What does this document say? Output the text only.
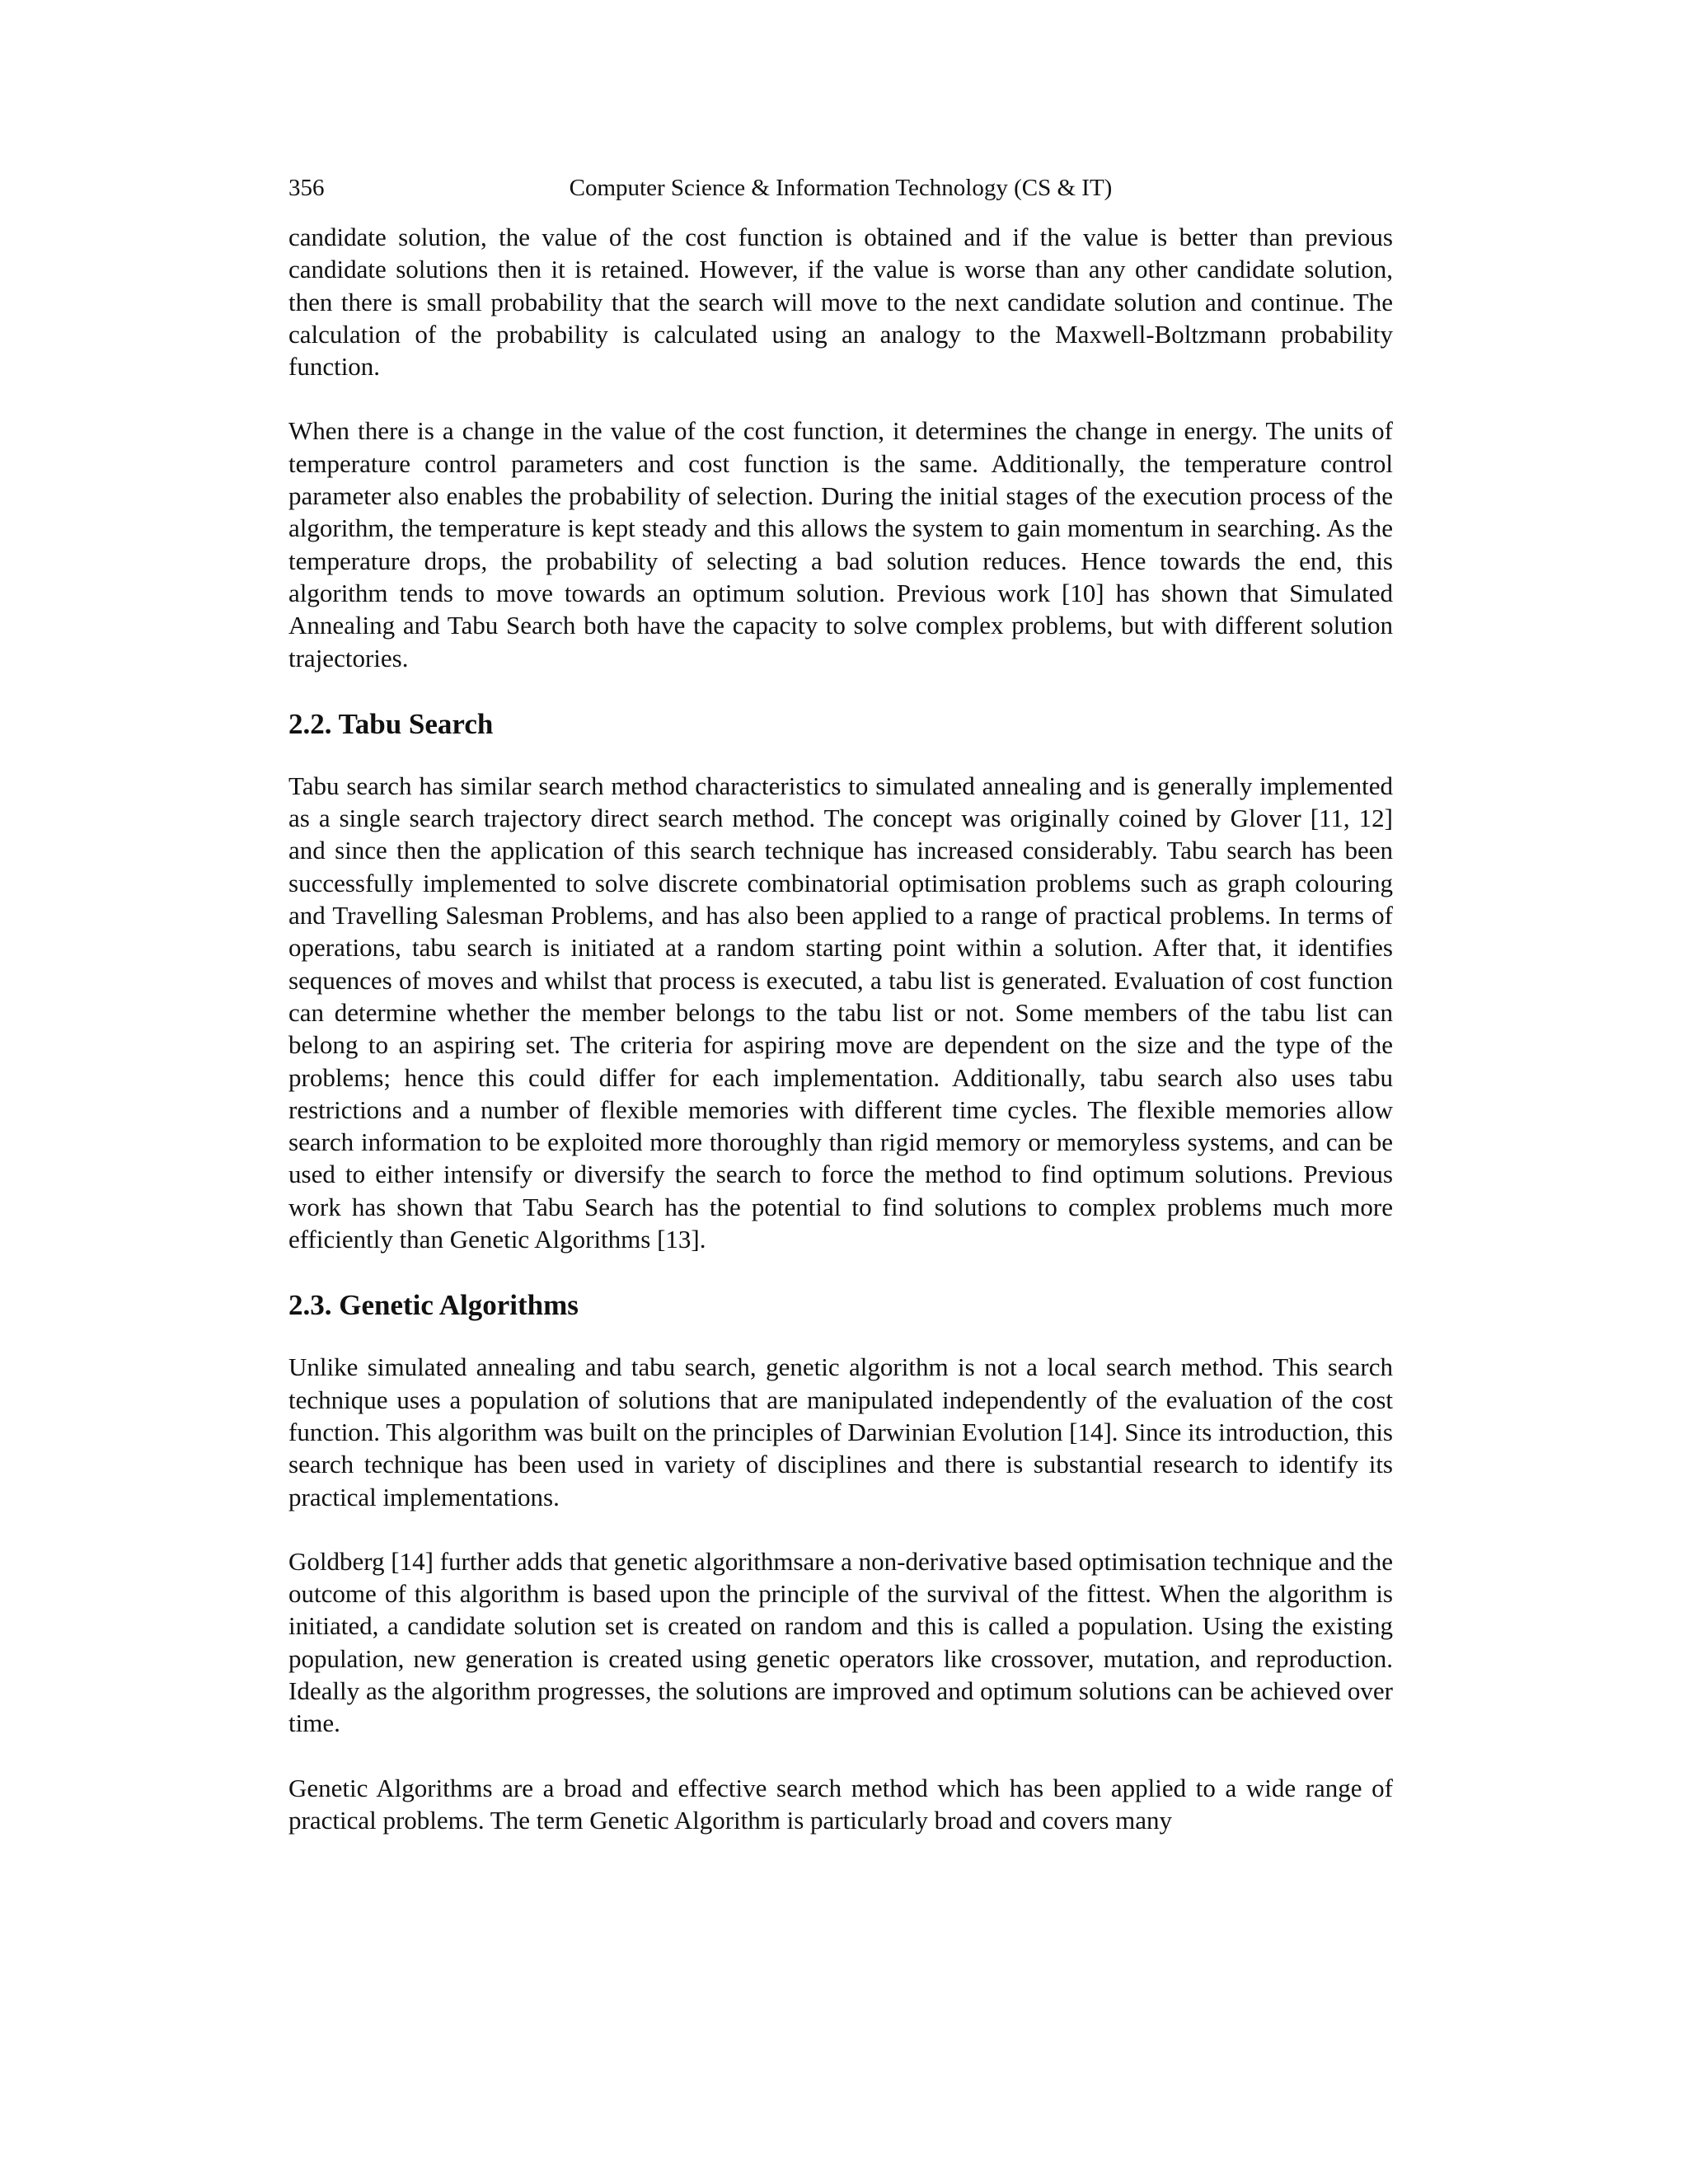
356	Computer Science & Information Technology (CS & IT)

candidate solution, the value of the cost function is obtained and if the value is better than previous candidate solutions then it is retained. However, if the value is worse than any other candidate solution, then there is small probability that the search will move to the next candidate solution and continue. The calculation of the probability is calculated using an analogy to the Maxwell-Boltzmann probability function.

When there is a change in the value of the cost function, it determines the change in energy. The units of temperature control parameters and cost function is the same. Additionally, the temperature control parameter also enables the probability of selection. During the initial stages of the execution process of the algorithm, the temperature is kept steady and this allows the system to gain momentum in searching. As the temperature drops, the probability of selecting a bad solution reduces. Hence towards the end, this algorithm tends to move towards an optimum solution. Previous work [10] has shown that Simulated Annealing and Tabu Search both have the capacity to solve complex problems, but with different solution trajectories.

2.2. Tabu Search

Tabu search has similar search method characteristics to simulated annealing and is generally implemented as a single search trajectory direct search method. The concept was originally coined by Glover [11, 12] and since then the application of this search technique has increased considerably. Tabu search has been successfully implemented to solve discrete combinatorial optimisation problems such as graph colouring and Travelling Salesman Problems, and has also been applied to a range of practical problems. In terms of operations, tabu search is initiated at a random starting point within a solution. After that, it identifies sequences of moves and whilst that process is executed, a tabu list is generated. Evaluation of cost function can determine whether the member belongs to the tabu list or not. Some members of the tabu list can belong to an aspiring set. The criteria for aspiring move are dependent on the size and the type of the problems; hence this could differ for each implementation. Additionally, tabu search also uses tabu restrictions and a number of flexible memories with different time cycles. The flexible memories allow search information to be exploited more thoroughly than rigid memory or memoryless systems, and can be used to either intensify or diversify the search to force the method to find optimum solutions. Previous work has shown that Tabu Search has the potential to find solutions to complex problems much more efficiently than Genetic Algorithms [13].

2.3. Genetic Algorithms

Unlike simulated annealing and tabu search, genetic algorithm is not a local search method. This search technique uses a population of solutions that are manipulated independently of the evaluation of the cost function. This algorithm was built on the principles of Darwinian Evolution [14]. Since its introduction, this search technique has been used in variety of disciplines and there is substantial research to identify its practical implementations.

Goldberg [14] further adds that genetic algorithmsare a non-derivative based optimisation technique and the outcome of this algorithm is based upon the principle of the survival of the fittest. When the algorithm is initiated, a candidate solution set is created on random and this is called a population. Using the existing population, new generation is created using genetic operators like crossover, mutation, and reproduction. Ideally as the algorithm progresses, the solutions are improved and optimum solutions can be achieved over time.

Genetic Algorithms are a broad and effective search method which has been applied to a wide range of practical problems. The term Genetic Algorithm is particularly broad and covers many
